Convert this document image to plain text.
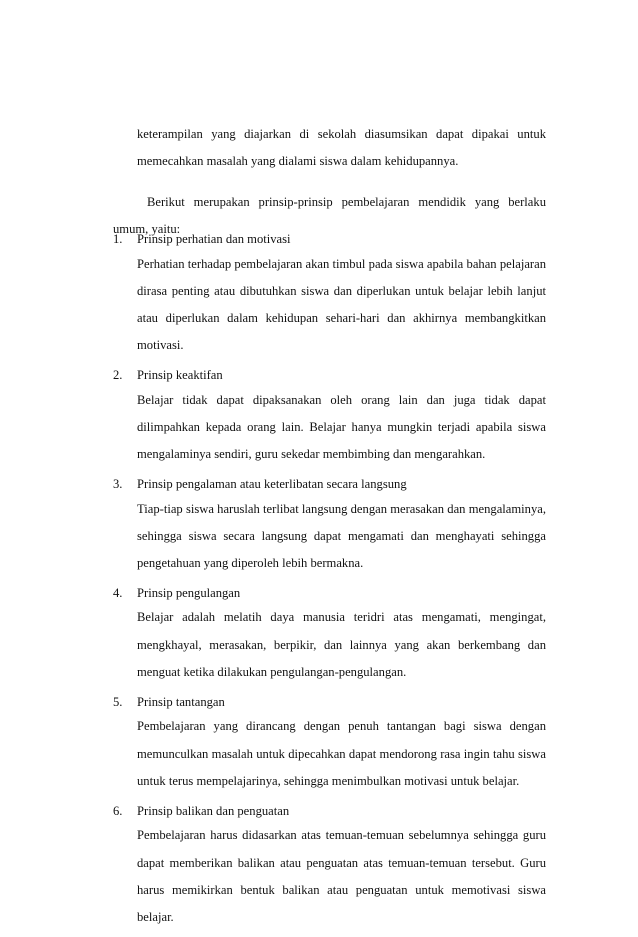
keterampilan yang diajarkan di sekolah diasumsikan dapat dipakai untuk memecahkan masalah yang dialami siswa dalam kehidupannya.

Berikut merupakan prinsip-prinsip pembelajaran mendidik yang berlaku umum, yaitu:

1. Prinsip perhatian dan motivasi
Perhatian terhadap pembelajaran akan timbul pada siswa apabila bahan pelajaran dirasa penting atau dibutuhkan siswa dan diperlukan untuk belajar lebih lanjut atau diperlukan dalam kehidupan sehari-hari dan akhirnya membangkitkan motivasi.
2. Prinsip keaktifan
Belajar tidak dapat dipaksanakan oleh orang lain dan juga tidak dapat dilimpahkan kepada orang lain. Belajar hanya mungkin terjadi apabila siswa mengalaminya sendiri, guru sekedar membimbing dan mengarahkan.
3. Prinsip pengalaman atau keterlibatan secara langsung
Tiap-tiap siswa haruslah terlibat langsung dengan merasakan dan mengalaminya, sehingga siswa secara langsung dapat mengamati dan menghayati sehingga pengetahuan yang diperoleh lebih bermakna.
4. Prinsip pengulangan
Belajar adalah melatih daya manusia teridri atas mengamati, mengingat, mengkhayal, merasakan, berpikir, dan lainnya yang akan berkembang dan menguat ketika dilakukan pengulangan-pengulangan.
5. Prinsip tantangan
Pembelajaran yang dirancang dengan penuh tantangan bagi siswa dengan memunculkan masalah untuk dipecahkan dapat mendorong rasa ingin tahu siswa untuk terus mempelajarinya, sehingga menimbulkan motivasi untuk belajar.
6. Prinsip balikan dan penguatan
Pembelajaran harus didasarkan atas temuan-temuan sebelumnya sehingga guru dapat memberikan balikan atau penguatan atas temuan-temuan tersebut. Guru harus memikirkan bentuk balikan atau penguatan untuk memotivasi siswa belajar.
